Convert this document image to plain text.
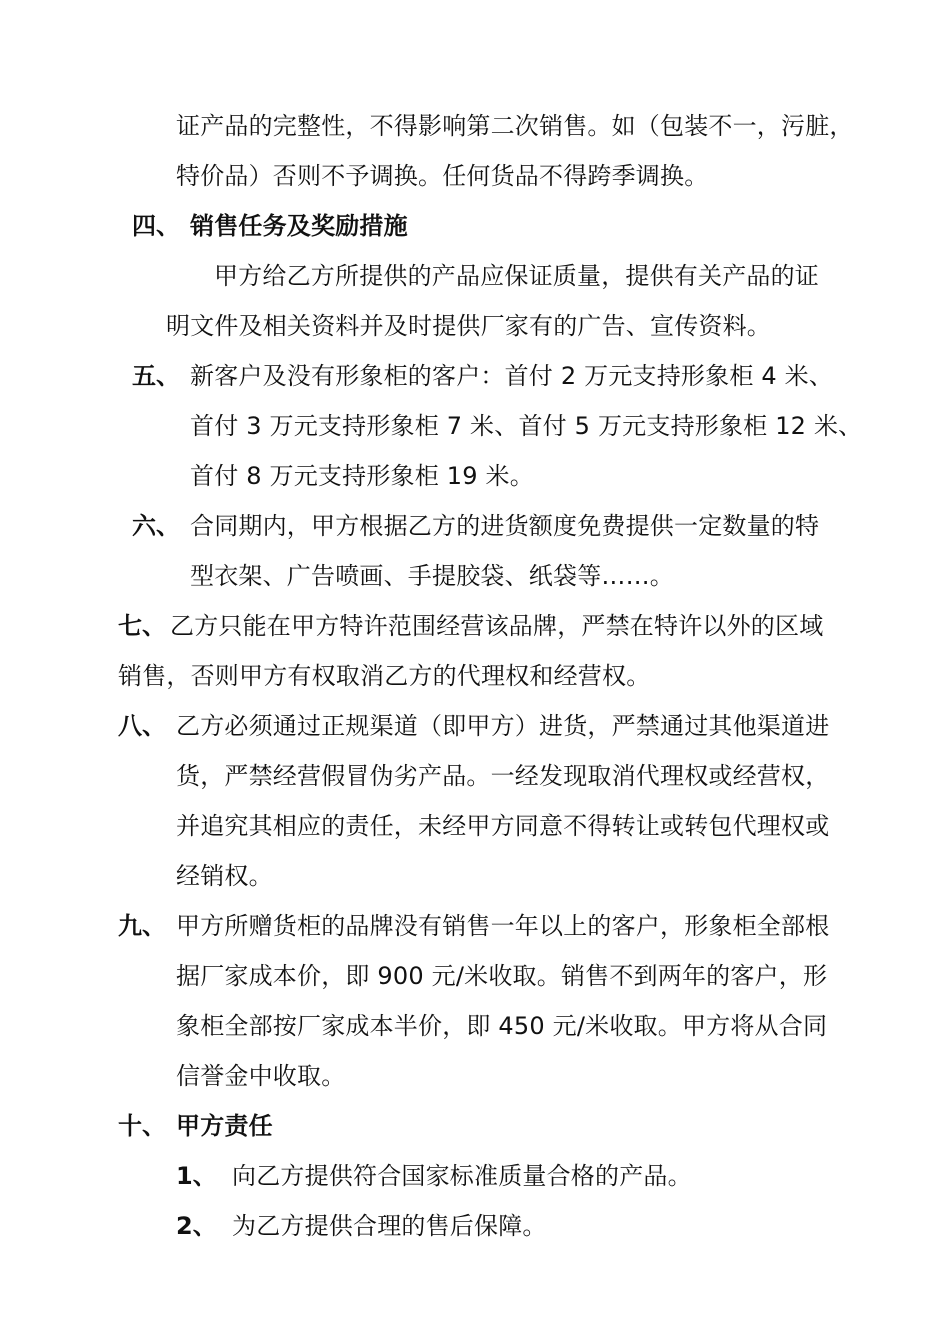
证产品的完整性，不得影响第二次销售。如（包装不一，污脏，
特价品）否则不予调换。任何货品不得跨季调换。
四、 销售任务及奖励措施
甲方给乙方所提供的产品应保证质量，提供有关产品的证
明文件及相关资料并及时提供厂家有的广告、宣传资料。
五、 新客户及没有形象柜的客户：首付 2 万元支持形象柜 4 米、
首付 3 万元支持形象柜 7 米、首付 5 万元支持形象柜 12 米、
首付 8 万元支持形象柜 19 米。
六、 合同期内，甲方根据乙方的进货额度免费提供一定数量的特
型衣架、广告喷画、手提胶袋、纸袋等……。
七、 乙方只能在甲方特许范围经营该品牌，严禁在特许以外的区域
销售，否则甲方有权取消乙方的代理权和经营权。
八、 乙方必须通过正规渠道（即甲方）进货，严禁通过其他渠道进
货，严禁经营假冒伪劣产品。一经发现取消代理权或经营权，
并追究其相应的责任，未经甲方同意不得转让或转包代理权或
经销权。
九、 甲方所赠货柜的品牌没有销售一年以上的客户，形象柜全部根
据厂家成本价，即 900 元/米收取。销售不到两年的客户，形
象柜全部按厂家成本半价，即 450 元/米收取。甲方将从合同
信誉金中收取。
十、 甲方责任
1、 向乙方提供符合国家标准质量合格的产品。
2、 为乙方提供合理的售后保障。
